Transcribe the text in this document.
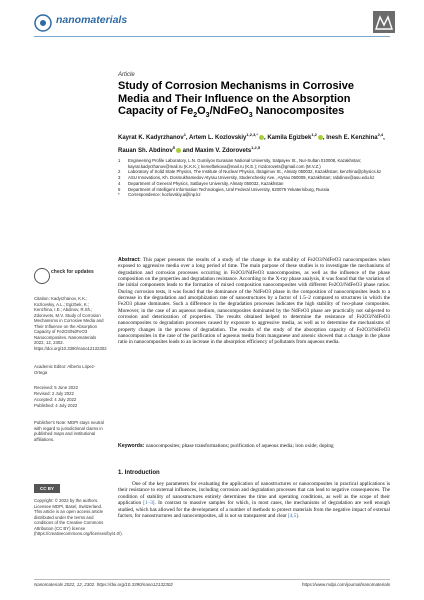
nanomaterials
Article
Study of Corrosion Mechanisms in Corrosive Media and Their Influence on the Absorption Capacity of $Fe_2O_3/NdFeO_3$ Nanocomposites
Kayrat K. Kadyrzhanov$^1$, Artem L. Kozlovskiy$^{1,2,3,*}$, Kamila Egizbek$^{1,2}$, Inesh E. Kenzhina$^{2,4}$, Rauan Sh. Abdinov$^5$ and Maxim V. Zdorovets$^{1,2,5}$
1	Engineering Profile Laboratory, L.N. Gumilyov Eurasian National University, Satpayev St., Nur-Sultan 010008, Kazakhstan; kayrat.kadyrzhanov@mail.ru (K.K.K.); kemelbekova@mail.ru (K.E.); mzdorovets@gmail.com (M.V.Z.)
2	Laboratory of Solid State Physics, The Institute of Nuclear Physics, Ibragimov St., Almaty 050032, Kazakhstan; kenzhina@physics.kz
3	ASU Innovations, Kh. Dosmukhamedov Atyrau University, Studenchesky Ave., Atyrau 060009, Kazakhstan; rabdinov@asu.edu.kz
4	Department of General Physics, Satbayev University, Almaty 050032, Kazakhstan
5	Department of Intelligent Information Technologies, Ural Federal University, 620075 Yekaterinburg, Russia
*	Correspondence: kozlovskiy.a@inp.kz
Abstract: This paper presents the results of a study of the change in the stability of Fe2O3/NdFeO3 nanocomposites when exposed to aggressive media over a long period of time. The main purpose of these studies is to investigate the mechanisms of degradation and corrosion processes occurring in Fe2O3/NdFeO3 nanocomposites, as well as the influence of the phase composition on the properties and degradation resistance. According to the X-ray phase analysis, it was found that the variation of the initial components leads to the formation of mixed composition nanocomposites with different Fe2O3/NdFeO3 phase ratios. During corrosion tests, it was found that the dominance of the NdFeO3 phase in the composition of nanocomposites leads to a decrease in the degradation and amorphization rate of nanostructures by a factor of 1.5–2 compared to structures in which the Fe2O3 phase dominates. Such a difference in the degradation processes indicates the high stability of two-phase composites. Moreover, in the case of an aqueous medium, nanocomposites dominated by the NdFeO3 phase are practically not subjected to corrosion and deterioration of properties. The results obtained helped to determine the resistance of Fe2O3/NdFeO3 nanocomposites to degradation processes caused by exposure to aggressive media, as well as to determine the mechanisms of property changes in the process of degradation. The results of the study of the absorption capacity of Fe2O3/NdFeO3 nanocomposites in the case of the purification of aqueous media from manganese and arsenic showed that a change in the phase ratio in nanocomposites leads to an increase in the absorption efficiency of pollutants from aqueous media.
Keywords: nanocomposites; phase transformations; purification of aqueous media; iron oxide; doping
1. Introduction
One of the key parameters for evaluating the application of nanostructures or nanocomposites in practical applications is their resistance to external influences, including corrosion and degradation processes that can lead to negative consequences. The condition of stability of nanostructures entirely determines the time and operating conditions, as well as the scope of their application [1–3]. In contrast to massive samples for which, in most cases, the mechanisms of degradation are well enough studied, which has allowed for the development of a number of methods to protect materials from the negative impact of external factors, for nanostructures and nanocomposites, all is not so transparent and clear [4,5].
check for updates
Citation: Kadyrzhanov, K.K.; Kozlovskiy, A.L.; Egizbek, K.; Kenzhina, I.E.; Abdinov, R.Sh.; Zdorovets, M.V. Study of Corrosion Mechanisms in Corrosive Media and Their Influence on the Absorption Capacity of Fe2O3/NdFeO3 Nanocomposites. Nanomaterials 2022, 12, 2302. https://doi.org/10.3390/nano12132302
Academic Editor: Alberto López-Ortega
Received: 5 June 2022
Revised: 2 July 2022
Accepted: 4 July 2022
Published: 4 July 2022
Publisher's Note: MDPI stays neutral with regard to jurisdictional claims in published maps and institutional affiliations.
CC BY
Copyright: © 2022 by the authors. Licensee MDPI, Basel, Switzerland. This article is an open access article distributed under the terms and conditions of the Creative Commons Attribution (CC BY) license (https://creativecommons.org/licenses/by/4.0/).
Nanomaterials 2022, 12, 2302. https://doi.org/10.3390/nano12132302	https://www.mdpi.com/journal/nanomaterials
